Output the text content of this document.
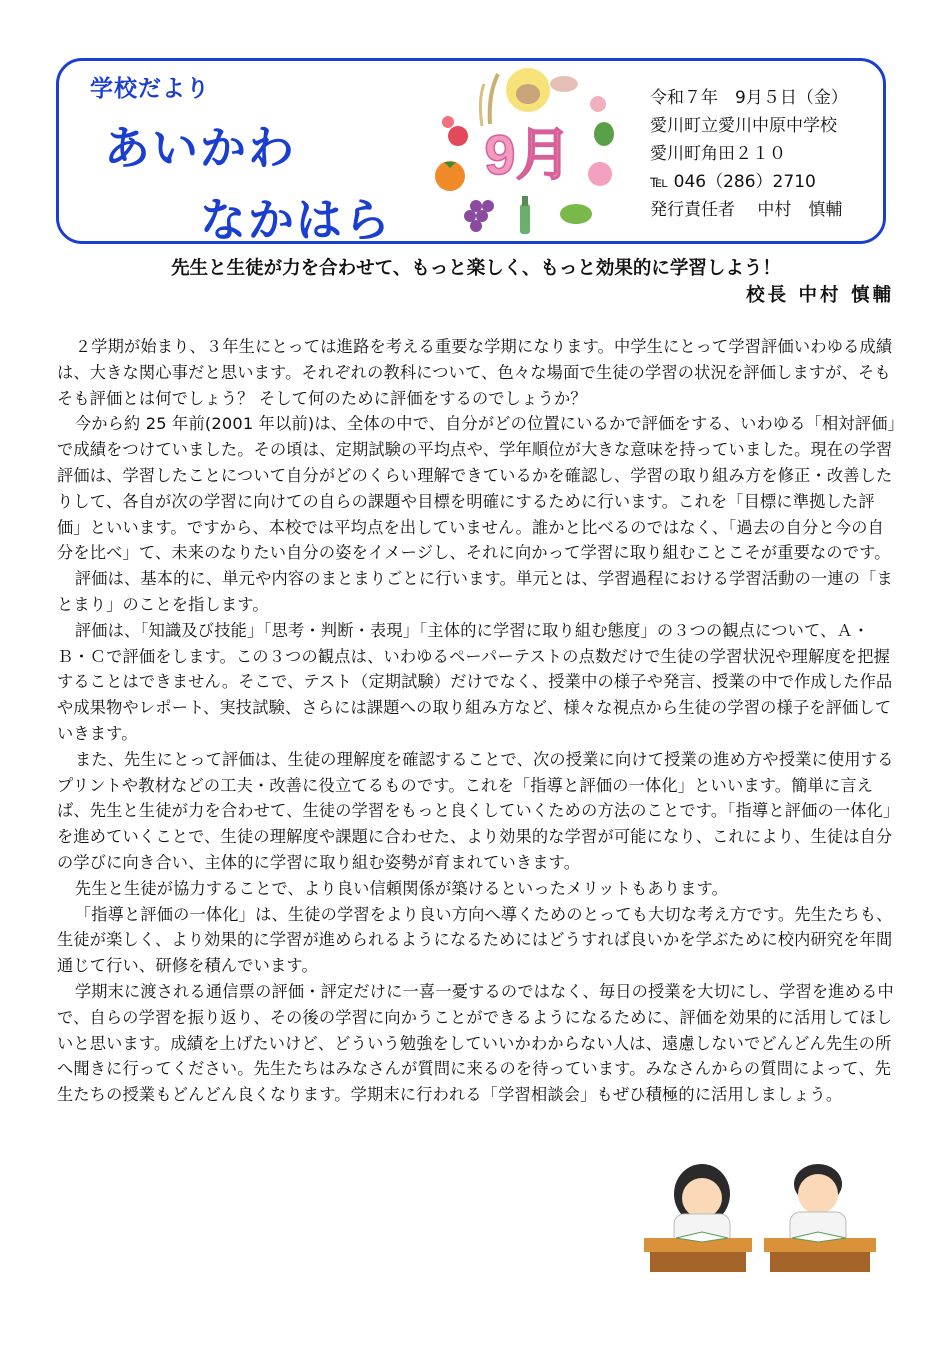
学校だより
あいかわ
なかはら
9月
令和７年　9月５日（金）
愛川町立愛川中原中学校
愛川町角田２１０
℡ 046（286）2710
発行責任者　 中村　慎輔
先生と生徒が力を合わせて、もっと楽しく、もっと効果的に学習しよう！
校長 中村 慎輔

２学期が始まり、３年生にとっては進路を考える重要な学期になります。中学生にとって学習評価いわゆる成績は、大きな関心事だと思います。それぞれの教科について、色々な場面で生徒の学習の状況を評価しますが、そもそも評価とは何でしょう？ そして何のために評価をするのでしょうか？

今から約 25 年前(2001 年以前)は、全体の中で、自分がどの位置にいるかで評価をする、いわゆる「相対評価」で成績をつけていました。その頃は、定期試験の平均点や、学年順位が大きな意味を持っていました。現在の学習評価は、学習したことについて自分がどのくらい理解できているかを確認し、学習の取り組み方を修正・改善したりして、各自が次の学習に向けての自らの課題や目標を明確にするために行います。これを「目標に準拠した評価」といいます。ですから、本校では平均点を出していません。誰かと比べるのではなく、「過去の自分と今の自分を比べ」て、未来のなりたい自分の姿をイメージし、それに向かって学習に取り組むことこそが重要なのです。

評価は、基本的に、単元や内容のまとまりごとに行います。単元とは、学習過程における学習活動の一連の「まとまり」のことを指します。

評価は、「知識及び技能」「思考・判断・表現」「主体的に学習に取り組む態度」の３つの観点について、Ａ・Ｂ・Ｃで評価をします。この３つの観点は、いわゆるペーパーテストの点数だけで生徒の学習状況や理解度を把握することはできません。そこで、テスト（定期試験）だけでなく、授業中の様子や発言、授業の中で作成した作品や成果物やレポート、実技試験、さらには課題への取り組み方など、様々な視点から生徒の学習の様子を評価していきます。

また、先生にとって評価は、生徒の理解度を確認することで、次の授業に向けて授業の進め方や授業に使用するプリントや教材などの工夫・改善に役立てるものです。これを「指導と評価の一体化」といいます。簡単に言えば、先生と生徒が力を合わせて、生徒の学習をもっと良くしていくための方法のことです。「指導と評価の一体化」を進めていくことで、生徒の理解度や課題に合わせた、より効果的な学習が可能になり、これにより、生徒は自分の学びに向き合い、主体的に学習に取り組む姿勢が育まれていきます。

先生と生徒が協力することで、より良い信頼関係が築けるといったメリットもあります。

「指導と評価の一体化」は、生徒の学習をより良い方向へ導くためのとっても大切な考え方です。先生たちも、生徒が楽しく、より効果的に学習が進められるようになるためにはどうすれば良いかを学ぶために校内研究を年間通じて行い、研修を積んでいます。

学期末に渡される通信票の評価・評定だけに一喜一憂するのではなく、毎日の授業を大切にし、学習を進める中で、自らの学習を振り返り、その後の学習に向かうことができるようになるために、評価を効果的に活用してほしいと思います。成績を上げたいけど、どういう勉強をしていいかわからない人は、遠慮しないでどんどん先生の所へ聞きに行ってください。先生たちはみなさんが質問に来るのを待っています。みなさんからの質問によって、先生たちの授業もどんどん良くなります。学期末に行われる「学習相談会」もぜひ積極的に活用しましょう。
